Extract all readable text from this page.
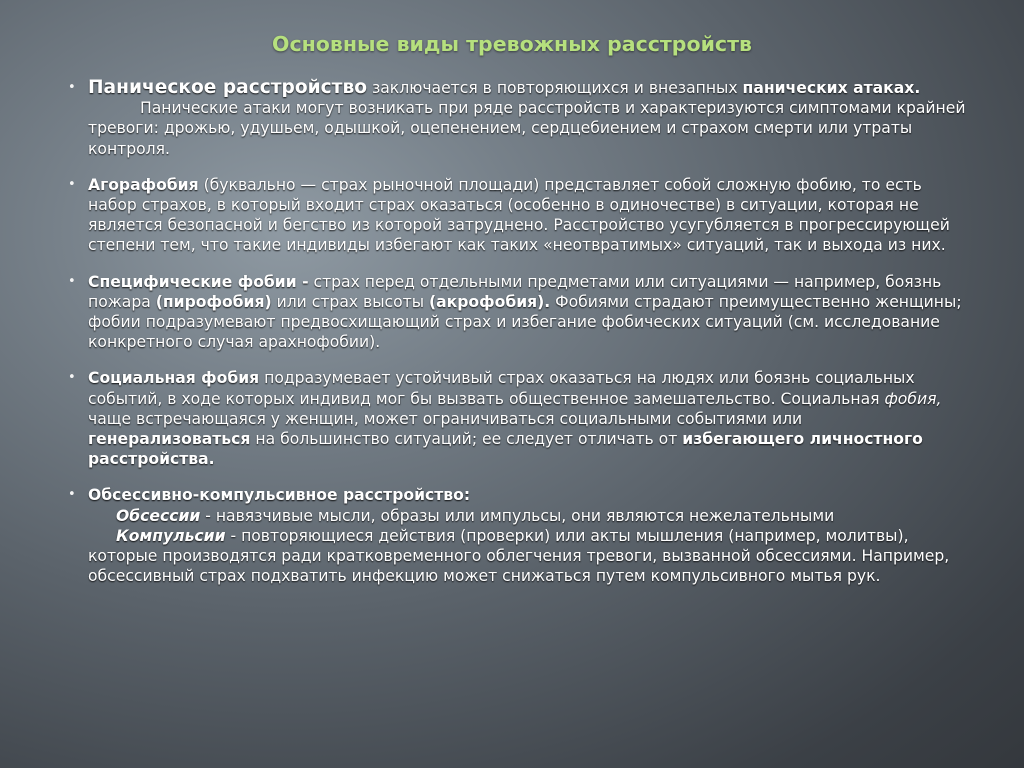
Основные виды тревожных расстройств
• Паническое расстройство заключается в повторяющихся и внезапных панических атаках.
Панические атаки могут возникать при ряде расстройств и характеризуются симптомами крайней тревоги: дрожью, удушьем, одышкой, оцепенением, сердцебиением и страхом смерти или утраты контроля.
• Агорафобия (буквально — страх рыночной площади) представляет собой сложную фобию, то есть набор страхов, в который входит страх оказаться (особенно в одиночестве) в ситуации, которая не является безопасной и бегство из которой затруднено. Расстройство усугубляется в прогрессирующей степени тем, что такие индивиды избегают как таких «неотвратимых» ситуаций, так и выхода из них.
• Специфические фобии - страх перед отдельными предметами или ситуациями — например, боязнь пожара (пирофобия) или страх высоты (акрофобия). Фобиями страдают преимущественно женщины; фобии подразумевают предвосхищающий страх и избегание фобических ситуаций (см. исследование конкретного случая арахнофобии).
• Социальная фобия подразумевает устойчивый страх оказаться на людях или боязнь социальных событий, в ходе которых индивид мог бы вызвать общественное замешательство. Социальная фобия, чаще встречающаяся у женщин, может ограничиваться социальными событиями или генерализоваться на большинство ситуаций; ее следует отличать от избегающего личностного расстройства.
• Обсессивно-компульсивное расстройство:
Обсессии - навязчивые мысли, образы или импульсы, они являются нежелательными
Компульсии - повторяющиеся действия (проверки) или акты мышления (например, молитвы), которые производятся ради кратковременного облегчения тревоги, вызванной обсессиями. Например, обсессивный страх подхватить инфекцию может снижаться путем компульсивного мытья рук.
